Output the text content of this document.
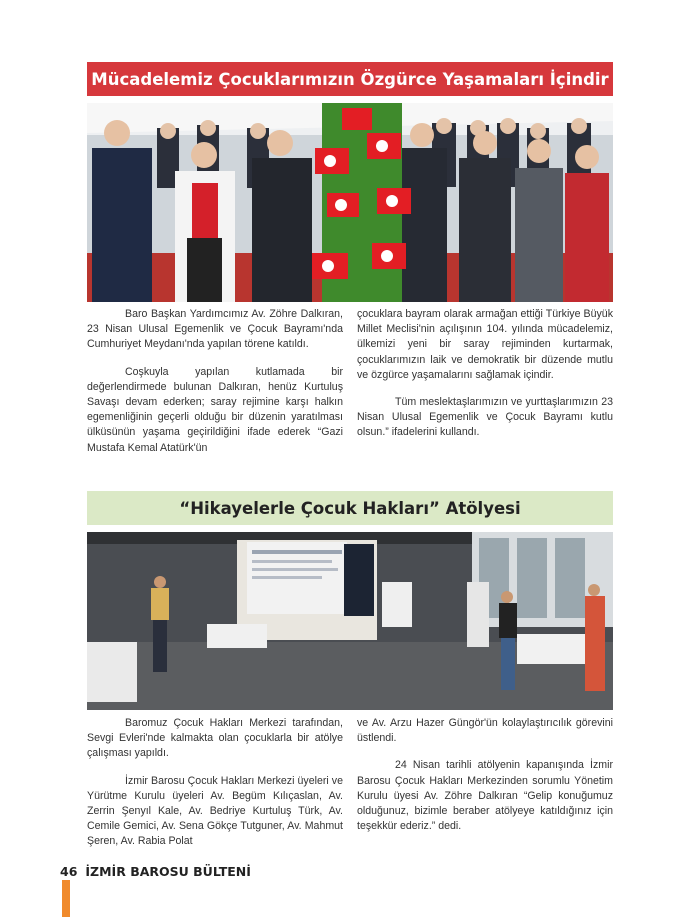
Mücadelemiz Çocuklarımızın Özgürce Yaşamaları İçindir

Baro Başkan Yardımcımız Av. Zöhre Dalkıran, 23 Nisan Ulusal Egemenlik ve Çocuk Bayramı'nda Cumhuriyet Meydanı'nda yapılan törene katıldı.

Coşkuyla yapılan kutlamada bir değerlendirmede bulunan Dalkıran, henüz Kurtuluş Savaşı devam ederken; saray rejimine karşı halkın egemenliğinin geçerli olduğu bir düzenin yaratılması ülküsünün yaşama geçirildiğini ifade ederek “Gazi Mustafa Kemal Atatürk'ün

çocuklara bayram olarak armağan ettiği Türkiye Büyük Millet Meclisi'nin açılışının 104. yılında mücadelemiz, ülkemizi yeni bir saray rejiminden kurtarmak, çocuklarımızın laik ve demokratik bir düzende mutlu ve özgürce yaşamalarını sağlamak içindir.

Tüm meslektaşlarımızın ve yurttaşlarımızın 23 Nisan Ulusal Egemenlik ve Çocuk Bayramı kutlu olsun.” ifadelerini kullandı.

“Hikayelerle Çocuk Hakları” Atölyesi

Baromuz Çocuk Hakları Merkezi tarafından, Sevgi Evleri'nde kalmakta olan çocuklarla bir atölye çalışması yapıldı.

İzmir Barosu Çocuk Hakları Merkezi üyeleri ve Yürütme Kurulu üyeleri Av. Begüm Kılıçaslan, Av. Zerrin Şenyıl Kale, Av. Bedriye Kurtuluş Türk, Av. Cemile Gemici, Av. Sena Gökçe Tutguner, Av. Mahmut Şeren, Av. Rabia Polat

ve Av. Arzu Hazer Güngör'ün kolaylaştırıcılık görevini üstlendi.

24 Nisan tarihli atölyenin kapanışında İzmir Barosu Çocuk Hakları Merkezinden sorumlu Yönetim Kurulu üyesi Av. Zöhre Dalkıran “Gelip konuğumuz olduğunuz, bizimle beraber atölyeye katıldığınız için teşekkür ederiz.” dedi.

46 İZMİR BAROSU BÜLTENİ
